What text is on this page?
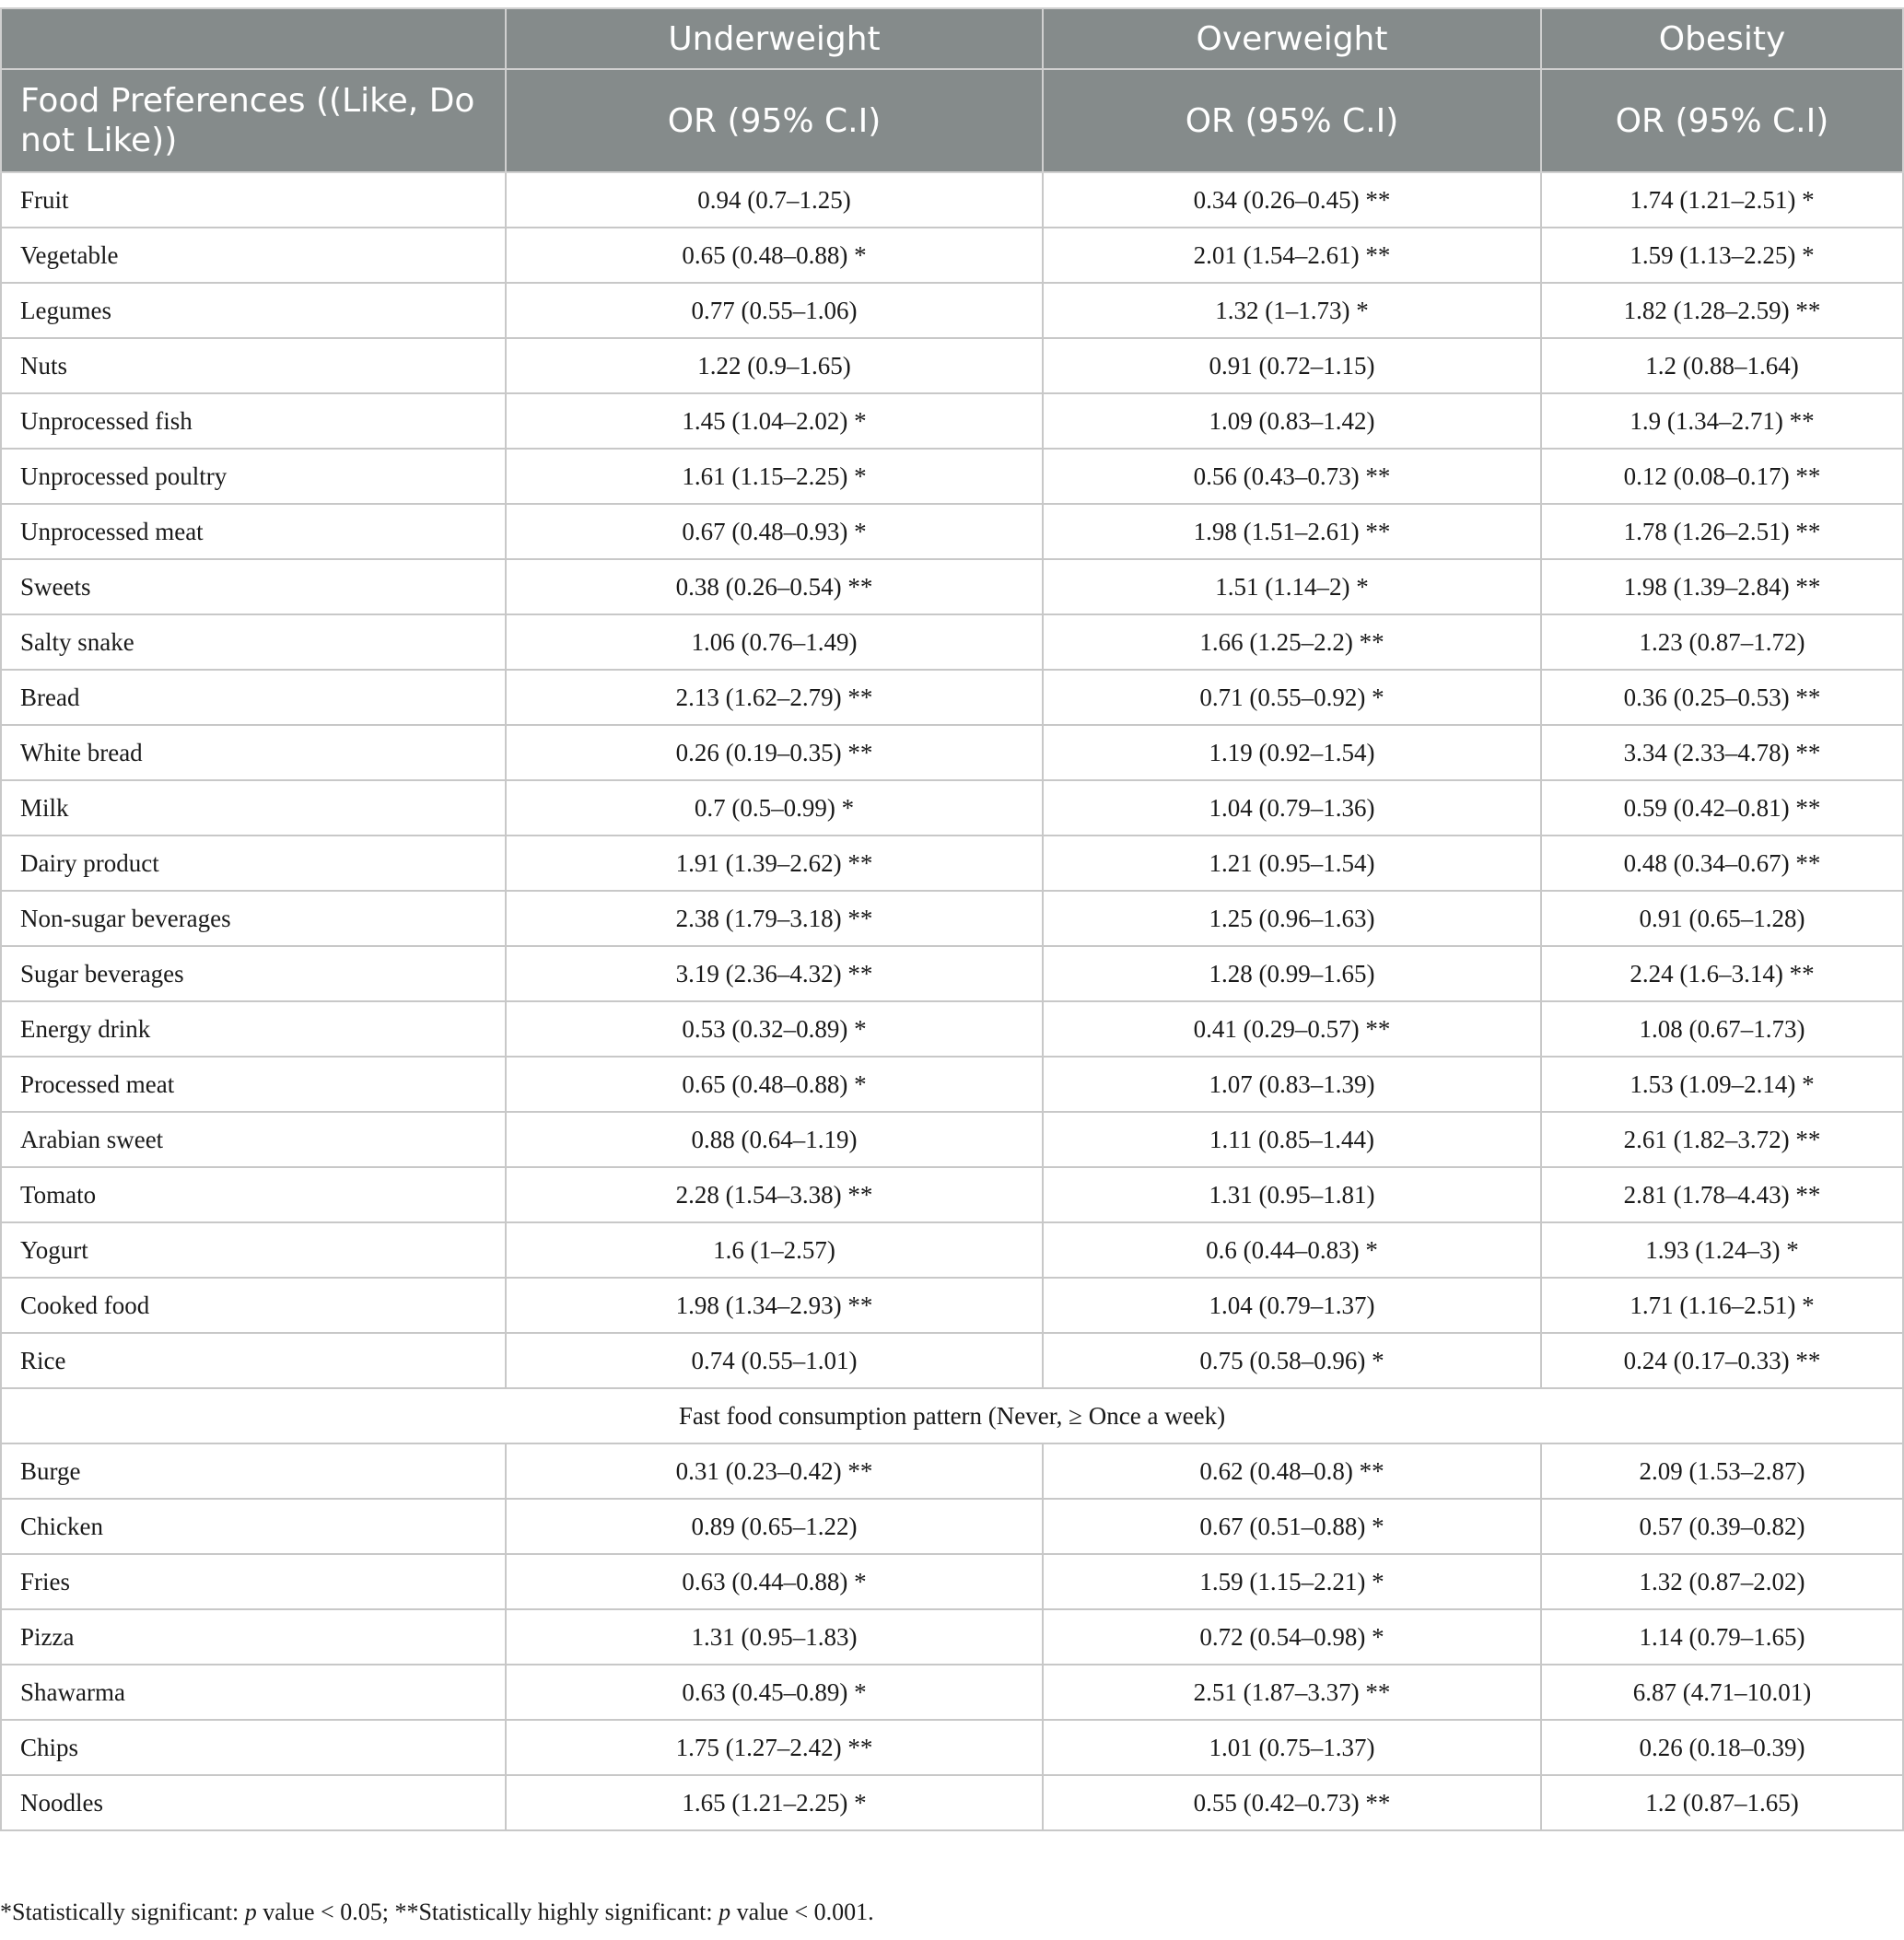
	Underweight	Overweight	Obesity
Food Preferences ((Like, Do not Like))	OR (95% C.I)	OR (95% C.I)	OR (95% C.I)
Fruit	0.94 (0.7–1.25)	0.34 (0.26–0.45) **	1.74 (1.21–2.51) *
Vegetable	0.65 (0.48–0.88) *	2.01 (1.54–2.61) **	1.59 (1.13–2.25) *
Legumes	0.77 (0.55–1.06)	1.32 (1–1.73) *	1.82 (1.28–2.59) **
Nuts	1.22 (0.9–1.65)	0.91 (0.72–1.15)	1.2 (0.88–1.64)
Unprocessed fish	1.45 (1.04–2.02) *	1.09 (0.83–1.42)	1.9 (1.34–2.71) **
Unprocessed poultry	1.61 (1.15–2.25) *	0.56 (0.43–0.73) **	0.12 (0.08–0.17) **
Unprocessed meat	0.67 (0.48–0.93) *	1.98 (1.51–2.61) **	1.78 (1.26–2.51) **
Sweets	0.38 (0.26–0.54) **	1.51 (1.14–2) *	1.98 (1.39–2.84) **
Salty snake	1.06 (0.76–1.49)	1.66 (1.25–2.2) **	1.23 (0.87–1.72)
Bread	2.13 (1.62–2.79) **	0.71 (0.55–0.92) *	0.36 (0.25–0.53) **
White bread	0.26 (0.19–0.35) **	1.19 (0.92–1.54)	3.34 (2.33–4.78) **
Milk	0.7 (0.5–0.99) *	1.04 (0.79–1.36)	0.59 (0.42–0.81) **
Dairy product	1.91 (1.39–2.62) **	1.21 (0.95–1.54)	0.48 (0.34–0.67) **
Non-sugar beverages	2.38 (1.79–3.18) **	1.25 (0.96–1.63)	0.91 (0.65–1.28)
Sugar beverages	3.19 (2.36–4.32) **	1.28 (0.99–1.65)	2.24 (1.6–3.14) **
Energy drink	0.53 (0.32–0.89) *	0.41 (0.29–0.57) **	1.08 (0.67–1.73)
Processed meat	0.65 (0.48–0.88) *	1.07 (0.83–1.39)	1.53 (1.09–2.14) *
Arabian sweet	0.88 (0.64–1.19)	1.11 (0.85–1.44)	2.61 (1.82–3.72) **
Tomato	2.28 (1.54–3.38) **	1.31 (0.95–1.81)	2.81 (1.78–4.43) **
Yogurt	1.6 (1–2.57)	0.6 (0.44–0.83) *	1.93 (1.24–3) *
Cooked food	1.98 (1.34–2.93) **	1.04 (0.79–1.37)	1.71 (1.16–2.51) *
Rice	0.74 (0.55–1.01)	0.75 (0.58–0.96) *	0.24 (0.17–0.33) **
Fast food consumption pattern (Never, ≥ Once a week)			
Burge	0.31 (0.23–0.42) **	0.62 (0.48–0.8) **	2.09 (1.53–2.87)
Chicken	0.89 (0.65–1.22)	0.67 (0.51–0.88) *	0.57 (0.39–0.82)
Fries	0.63 (0.44–0.88) *	1.59 (1.15–2.21) *	1.32 (0.87–2.02)
Pizza	1.31 (0.95–1.83)	0.72 (0.54–0.98) *	1.14 (0.79–1.65)
Shawarma	0.63 (0.45–0.89) *	2.51 (1.87–3.37) **	6.87 (4.71–10.01)
Chips	1.75 (1.27–2.42) **	1.01 (0.75–1.37)	0.26 (0.18–0.39)
Noodles	1.65 (1.21–2.25) *	0.55 (0.42–0.73) **	1.2 (0.87–1.65)
*Statistically significant: p value < 0.05; **Statistically highly significant: p value < 0.001.
